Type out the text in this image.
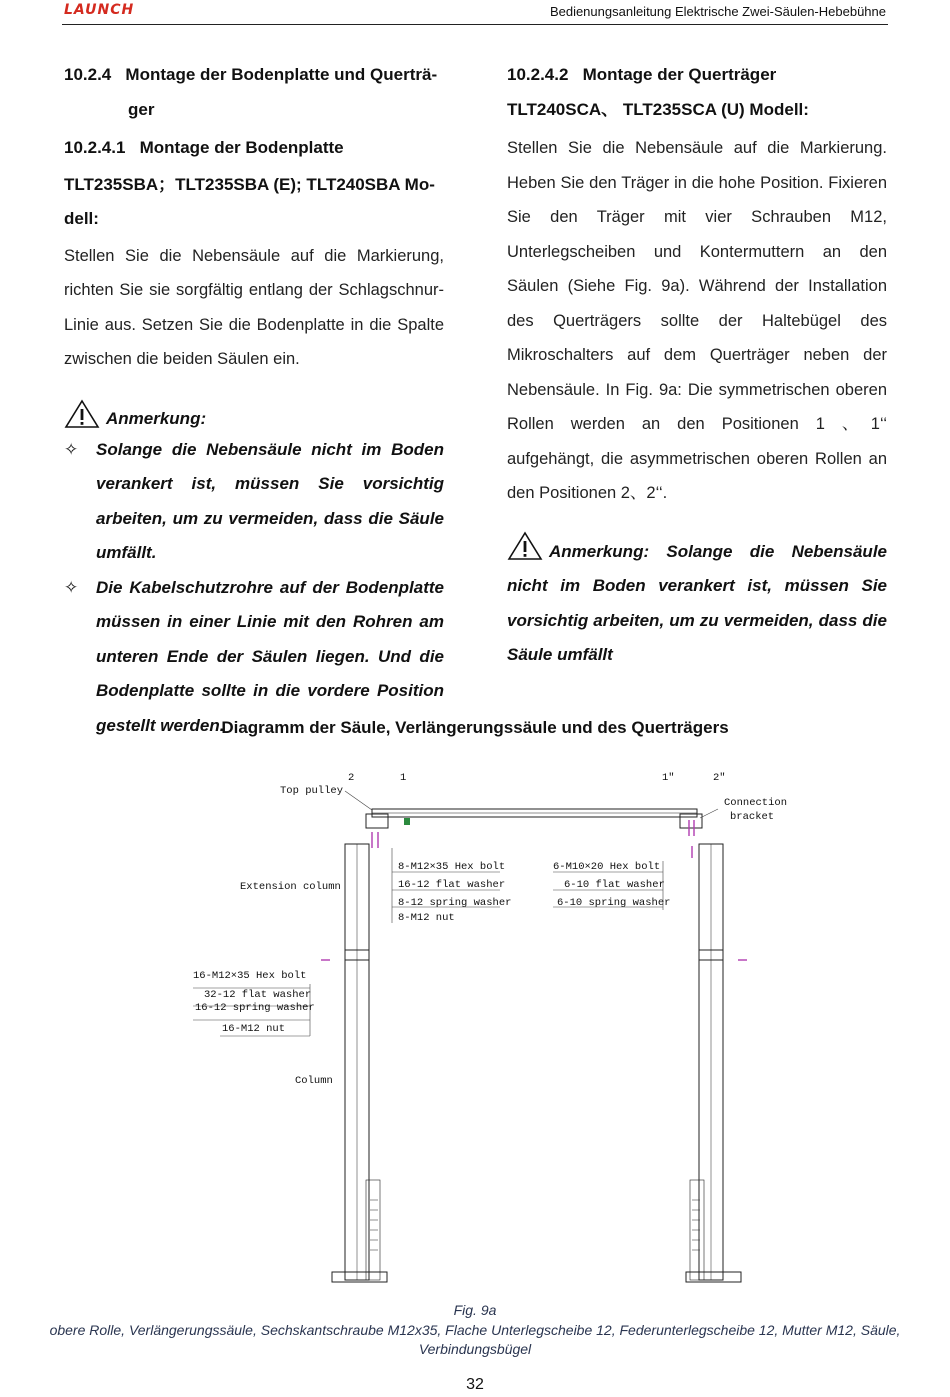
LAUNCH	Bedienungsanleitung Elektrische Zwei-Säulen-Hebebühne
10.2.4   Montage der Bodenplatte und Querträ-
ger
10.2.4.1   Montage der Bodenplatte
TLT235SBA；TLT235SBA (E); TLT240SBA Mo-
dell:
Stellen Sie die Nebensäule auf die Markierung, richten Sie sie sorgfältig entlang der Schlagschnur-Linie aus. Setzen Sie die Bodenplatte in die Spalte zwischen die beiden Säulen ein.
Anmerkung:
✧	Solange die Nebensäule nicht im Boden verankert ist, müssen Sie vorsichtig arbeiten, um zu vermeiden, dass die Säule umfällt.
✧	Die Kabelschutzrohre auf der Bodenplatte müssen in einer Linie mit den Rohren am unteren Ende der Säulen liegen. Und die Bodenplatte sollte in die vordere Position gestellt werden.
10.2.4.2   Montage der Querträger
TLT240SCA、 TLT235SCA (U) Modell:
Stellen Sie die Nebensäule auf die Markierung. Heben Sie den Träger in die hohe Position. Fixieren Sie den Träger mit vier Schrauben M12, Unterlegscheiben und Kontermuttern an den Säulen (Siehe Fig. 9a). Während der Installation des Querträgers sollte der Haltebügel des Mikroschalters auf dem Querträger neben der Nebensäule. In Fig. 9a: Die symmetrischen oberen Rollen werden an den Positionen 1 、1‘‘ aufgehängt, die asymmetrischen oberen Rollen an den Positionen 2、2‘‘.
Anmerkung: Solange die Nebensäule nicht im Boden verankert ist, müssen Sie vorsichtig arbeiten, um zu vermeiden, dass die Säule umfällt
Diagramm der Säule, Verlängerungssäule und des Querträgers
Top pulley
2	1	1″	2″
Connection
bracket
Extension column
8-M12×35 Hex bolt
16-12 flat washer
8-12 spring washer
8-M12 nut
6-M10×20 Hex bolt
6-10 flat washer
6-10 spring washer
16-M12×35 Hex bolt
32-12 flat washer
16-12 spring washer
16-M12 nut
Column
Fig. 9a
obere Rolle, Verlängerungssäule, Sechskantschraube M12x35, Flache Unterlegscheibe 12, Federunterlegscheibe 12, Mutter M12, Säule, Verbindungsbügel
32
